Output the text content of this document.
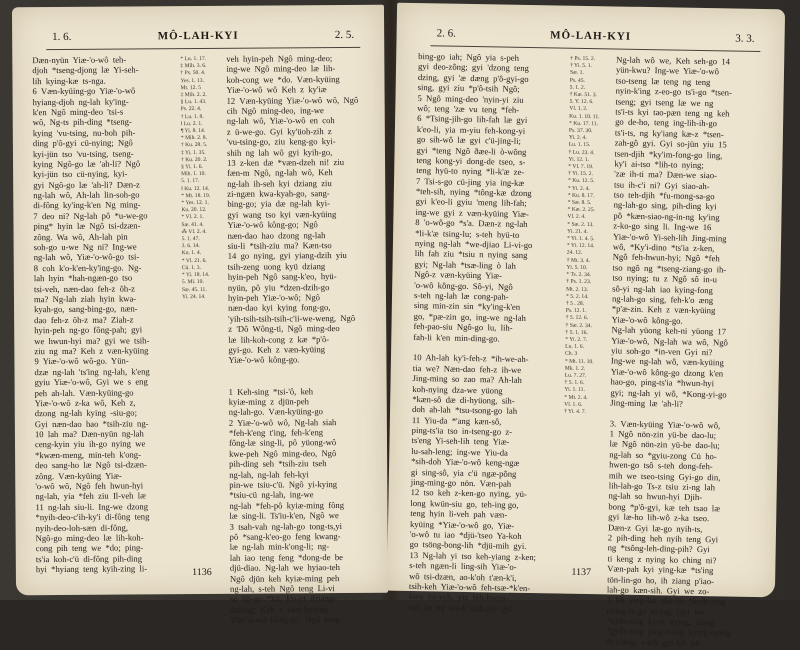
1. 6.	MÔ-LAH-KYI	2. 5.
Dæn-nyün  Yiæ-'o-wô  teh-
djoh  *tseng-djong  læ  Yi-seh-
lih  kying-kæ  ts-nga.
6  Væn-kyüing-go  Yiæ-'o-wô
hyiang-djoh  ng-lah  ky'ing-
k'en  Ngô  ming-deo  'tsi-s
wô,  Ng-ts  pih-ding  *tseng-
kying  'vu-tsing,  nu-boh  pih-
ding  p'ô-gyi  cü-nying;  Ngô
kyi-jün  tso  'vu-tsing,  tseng-
kying  Ngô-go  læ  'ah-li?  Ngô
kyi-jün  tso  cü-nying,  kyi-
gyi  Ngô-go  læ  'ah-li?  Dæn-z
ng-lah  wô,  Ah-lah  lin-soh-go
di-fông  ky'ing-k'en  Ng  ming-
7  deo  ni?  Ng-lah  pô  *u-we-go
ping*  hyin  læ  Ngô  tsi-dzæn-
zông.  Wa  wô,  Ah-lah  pin
soh-go  u-we  Ng  ni?  Ing-we
ng-lah  wô,  Yiæ-'o-wô-go  tsi-
8  coh  k'o-k'en-ky'ing-go.  Ng-
lah  hyin  *hah-ngæn-go  tso
tsi-veh,  næn-dao  feh-z  õh-z
ma?  Ng-lah  ziah  hyin  kwa-
kyah-go,  sang-bing-go,  næn-
dao  feh-z  õh-z  ma?  Ziah-z
hyin-peh  ng-go  fông-pah;  gyi
we  hwun-hyi  ma?  gyi  we  tsih-
ziu  ng  ma?  Keh  z  væn-kyüing
9  Yiæ-'o-wô  wô-go.  Yün-
dzæ  ng-lah  'ts'ing  ng-lah,  k'eng
gyiu  Yiæ-'o-wô,  Gyi  we  s  eng
peh  ah-lah.  Væn-kyüing-go
Yiæ-'o-wô  z-ka  wô,  Keh  z,
dzong  ng-lah  kying  -siu-go;
Gyi  næn-dao  hao  *tsih-ziu  ng-
10  lah  ma?  Dæn-nyün  ng-lah
ceng-kyin  yiu  ih-go  nying  we
*kwæn-meng,  min-teh  k'ong-
deo  sang-ho  læ  Ngô  tsi-dzæn-
zông.  Væn-kyüing  Yiæ-
'o-wô  wô,  Ngô  feh  hwun-hyi
ng-lah,  yia  *feh  ziu  Il-veh  læ
11  ng-lah  siu-li.  Ing-we  dzong
*nyih-deo-c'ih-ky'i  di-fông  teng
nyih-deo-loh-sæn  di-fông,
Ngô-go  ming-deo  læ  lih-koh-
cong  pih  teng  we  *do;  ping-
ts'ia  koh-c'ü  di-fông  pih-ding
hyi  *hyiang  teng  kyih-zing  li-
* Lu. 1. 17.
‡ Mih. 3. 6.
† Ps. 50. 4.
Yes. 1. 13.
Mt. 12. 5
‡ Mih. 2. 2.
§ Lu. 1. 43.
Ps. 22. 4.
† Lu. 1. 8.
‖ Lu. 2. 1.
¶ Yi. 8. 14.
* Mih. 2. 8.
† Ku. 28. 5.
‡ Yi. 1. 35.
† Ku. 20. 2.
§ Yi. 1. 6.
Mih. 1. 10.
5. 1. 17.
‖ Ku. 12. 14.
* Mt. 18. 19.
* Yes. 12. 1.
Ku. 20. 12.
* Vl. 2. 1.
Sæ. 41. 4.
⁂ Vl. 2. 4.
5. 1. 47.
3. 6. 14.
Ku. 1. 4.
* Vl. 21. 6.
Cü. 1. 3.
* Yi. 18. 14.
5. Mi. 10.
Sæ. 45. 11.
Yi. 24. 14.
veh  hyin-peh  Ngô  ming-deo;
ing-we  Ngô  ming-deo  læ  lih-
koh-cong  we  *do.  Væn-kyüing
Yiæ-'o-wô  wô  Keh  z  ky'iæ
12  Væn-kyüing  Yiæ-'o-wô  wô,  Ngô
cih  Ngô  ming-deo,  ing-we
ng-lah  wô,  Yiæ-'o-wô  en  coh
z  ü-we-go.  Gyi  ky'üoh-zih  z
'vu-tsing-go,  ziu  keng-go  kyi-
shih  ng  lah  wô  gyi  kyih-go,
13  z-ken  dæ  *væn-dzeh  ni!  ziu
fæn-m  Ngô,  ng-lah  wô,  Keh
ng-lah  ih-seh  kyi  dziang  ziu
zi-ngæn  kwa-kyah-go,  sang-
bing-go;  yia  dæ  ng-lah  kyi-
gyi  wang  tso  kyi  væn-kyüing
Yiæ-'o-wô  kông-go;  Ngô
næn-dao  hao  dzong  ng-lah
siu-li  *tsih-ziu  ma?  Kæn-tso
14  go  nying,  gyi  yiang-dzih  yiu
tsih-zeng  uong  kyü  dziang
hyin-peh  Ngô  sang-k'eo,  hyü-
nyün,  pô  yiu  *dzen-dzih-go
hyin-peh  Yiæ-'o-wô;  Ngô
næn-dao  kyi  kying  fong-go,
'yih-tsih-tsih-tsih-c'ii-we-weng,  Ngô
z  'Dô  Wông-ti,  Ngô  ming-deo
læ  lih-koh-cong  z  kæ  *p'ô-
gyi-go.  Keh  z  væn-kyüing
Yiæ-'o-wô  kông-go.
1  Keh-sing  *tsi-'ô,  keh
kyiæ-ming  z  djün-peh
ng-lah-go.  Væn-kyüing-go
2  Yiæ-'o-wô  wô,  Ng-lah  siah
*feh-k'eng  t'ing,  feh-k'eng
fông-læ  sing-li,  pô  yüong-wô
kwe-peh  Ngô  ming-deo,  Ngô
pih-ding  seh  *tsih-ziu  tseh
ng-lah,  ng-lah  feh-kyi
pin-we  tsiu-c'ü.  Ngô  yi-kying
*tsiu-cü  ng-lah,  ing-we
ng-lah  *feh-pô  kyiæ-ming  fông
læ  sing-li.  Ts'iu-k'en,  Ngô  we
3  tsah-vah  ng-lah-go  tong-ts,yi
pô  *sang-k'eo-go  feng  kwang-
læ  ng-lah  min-k'ong-li;  ng-
lah  iao  teng  feng  *dong-de  be
djü-diao.  Ng-lah  we  hyiao-teh
Ngô  djün  keh  kyiæ-ming  peh
ng-lah,  s-teh  Ngô  teng  Li-vi
so  lih-go  *kü,  k'o-yi  dziang-
dziong;  Keh  z  væn-kyüing
Yiæ-'o-wô  kông-go.  Ngô  teng
1136
2. 6.	MÔ-LAH-KYI	3. 3.
bing-go  iah;  Ngô  yia  s-peh
gyi  deo-zông;  gyi  'dzong  teng
dzing,  gyi  'æ  dæng  p'ô-gyi-go
sing,  gyi  ziu  *p'ô-tsih  Ngô;
5  Ngô  ming-deo  'nyin-yi  ziu
wô;  teng  'zæ  vu  teng  *feh-
6  *Tsing-jih-go  lih-fah  læ  gyi
k'eo-li,  yia  m-yiu  feh-kong-yi
go  sih-wô  læ  gyi  c'ü-jing-li;
gyi  *teng  Ngô  ðæe-li  ò-wông
teng  kong-yi  dong-de  tseo,  s-
teng  hyü-to  nying  *li-k'æ  ze-
7  Tsi-s-go  cü-jing  yia  ing-kæ
*teh-sih,  nying  *tông-kæ  dzong
gyi  k'eo-li  gyiu  'meng  lih-fah;
ing-we  gyi  z  væn-kyüing  Yiæ-
8  'o-wô-go  *s'a.  Dæn-z  ng-lah
*li-k'æ  tsing-lu;  s-teh  hyü-to
nying  ng-lah  *we-djiao  Li-vi-go
lih  fah  ziu  *tsiu  n  nying  sang
gyi;  Ng-lah  *tsæ-ling  ò  lah
Ngô-z  væn-kyüing  Yiæ-
'o-wô  kông-go.  Sô-yi,  Ngô
s-teh  ng-lah  læ  cong-pah-
sing  min-zin  sin  *ky'ing-k'en
go,  *pæ-zin  go,  ing-we  ng-lah
feh-pao-siu  Ngô-go  lu,  lih-
fah-li  k'en  min-ding-go.
10  Ah-lah  ky'i-feh-z  *ih-we-ah-
tia  we?  Næn-dao  feh-z  ih-we
Jing-ming  so  zao  ma?  Ah-lah
koh-nying  dza-we  yüong
*kæn-sô  dæ  di-hyüong,  sih-
doh  ah-lah  *tsu-tsong-go  lah
11  Yiu-da  *'ang  kæn-sô,
ping-ts'ia  tso  in-tseng-go  z-
ts'eng  Yi-seh-lih  teng  Yiæ-
lu-sah-leng;  ing-we  Yiu-da
*sih-doh  Yiæ-'o-wô  keng-ngæ
gi  sing-sô,  yia  c'ü  ngæ-pông
jing-ming-go  nön.  Væn-pah
12  tso  keh  z-ken-go  nying,  yü-
long  kwün-siu  go,  teh-ing go,
teng  hyin  li-veh  pah  væn-
kyüing  *Yiæ-'o-wô  go,  Yiæ-
'o-wô  tu  iao  *djü-'tseo  Ya-koh
go  tsöng-bong-lih  *djü-mih  gyi.
13  Ng-lah  yi  tso  keh-yiang  z-ken;
s-teh  ngæn-li  ling-sih  Yiæ-'o-
wô  tsi-dzæn,  ao-k'oh  t'æn-k'i,
tsih-keh  Yiæ-'o-wô  feh-tsæ-*k'en-
kwu  tsi-veh,  yia  feh-hwun-
hyi  læ  ng  siu-li  tsih-ziu  gyi.
† Ps. 15. 2.
† Yi. 5. 1.
Sæ. 1.
Ps. 45.
5. 1. 2.
† Kæ. 51. 3.
5. Y. 12. 6.
Vl. 1. 2.
Ku. 1. 10. 11.
* Ku. 17. 11.
Ps. 37. 30.
Yi. 2. 4.
Lu. 1. 15.
† Lu. 23. 4.
Yi. 12. 1.
* Vl. 7. 19.
† Yi. 15. 2.
* Ku. 12. 5.
* Yi. 2. 4.
* Ku. 8. 17.
* Sæ. 8. 5.
* Kæ. 2. 25.
Vl. 2. 4.
* Sæ. 2. 13.
Yi. 21. 4.
* Yi. 1. 4. 5.
* Yi. 12. 14.
24. 12.
† Mt. 3. 4.
Yi. 5. 10.
* Ts. 2. 34.
† Ps. 1. 23.
Mt. 2. 13.
* 5. 2. 14.
† 5 . 28.
Ps. 12. 1.
† 5. 12. 6.
† Sæ. 2. 34.
† 5. 1. 16.
* Yi. 2. 7.
Lu. 1. 6.
Ch. 3
* Mt. 11. 10.
Mk. 1. 2.
Lu. 7. 27.
† 5. 1. 6.
Yi. 1. 11.
* Mt. 2. 4.
Vl. 1. 6.
† Yi. 4. 7.
Ng-lah  wô  we,  Keh  seh-go  14
yün-kwu?  Ing-we  Yiæ-'o-wô
tso-tseng  læ  teng  ng  teng
nyin-k'ing  z-eo-go  ts'i-go  *tsen-
tseng;  gyi  tseng  læ  we  ng
ts'i-ts  kyi  tao-pæn  teng  ng  keh
go  de-ho,  teng  ing-lih-ih-go
ts'i-ts,  ng  ky'iang  kæ-z  *tsen-
zah-gô  gyi.  Gyi  so-jün  yiu  15
tsen-djih  *ky'im-fong-go  ling,
ky'i  ai-tso  *lih-to  nying;
'zæ  ih-ti  ma?  Dæn-we  siao-
tsu  ih-c'i  ni?  Gyi  siao-ah-
tso  teh-djih  *fu-mong-sa-go
ng-lah-go  sing,  pih-ding  kyi
pô  *kæn-siao-ng-in-ng  ky'ing
z-ko-go  sing  li.  Ing-we  16
Yiæ-'o-wô  Yi-seh-lih  Jing-ming
wô,  *Ky'i-dino  *ts'ia  z-ken,
Ngô  feh-hwun-hyi;  Ngô  *feh
tso  ngô  ng  *tseng-ziang-go  ih-
tso  nying;  tu  z  Ngô  sô  in-u
sô-yi  ng-lah  iao  kying-fong
ng-lah-go  sing,  feh-k'o  æng
*p'æ-zin.  Keh  z  væn-kyüing
Yiæ-'o-wô  kông-go.
Ng-lah  yüong  keh-ni  yüong  17
Yiæ-'o-wô,  Ng-lah  wa  wô,  Ngô
yiu  soh-go  *in-ven  Gyi  ni?
Ing-we  ng-lah  wô,  væn-kyüing
Yiæ-'o-wô  kông-go  dzong  k'en
hao-go,  ping-ts'ia  *hwun-hyi
gyi;  ng-lah  yi  wô,  *Kong-yi-go
Jing-ming  læ  'ah-li?
3.  Væn-kyüing  Yiæ-'o-wô  wô,
1  Ngô  nön-zin  yü-be  dao-lu;
læ  Ngô  nön-zin  yü-be  dao-lu;
ng-lah  so  *gyiu-zong  Cü  ho-
hwen-go  tsô  s-teh  dong-feh-
mih  we  tseo-tsing  Gyi-go  din,
lih-lah-go  Ts-z  tsiu  zi-ng  lah
ng-lah  so  hwun-hyi  Djih-
bong  *p'ô-gyi,  kæ  teh  tsao  læ
gyi  læ-ho  lih-wô  z-ka  tseo.
Dæn-z  Gyi  læ-go  nyih-ts,
2  pih-ding  heh  nyih  teng  Gyi
ng  *tsông-leh-ding-pih?  Gyi
ti  keng  z  nying  ko  ching  ni?
Væn-pah  kyi  ying-kæ  *ts'ing
tön-lin-go  ho,  ih  ziang  p'iao-
lah-go  kæn-sih.  Gyi  we  zo-
3  lih  ying-kæ  tön-lin  *kyih-zing
nying-ts-go  nying;  Gyi  we
*kyih-zing  Li-vi  nying,  yiang
*gyih-zing  ying-tsang  kying-nying
ih-yiang;  s-teh  gyi-lah  pô
1137
